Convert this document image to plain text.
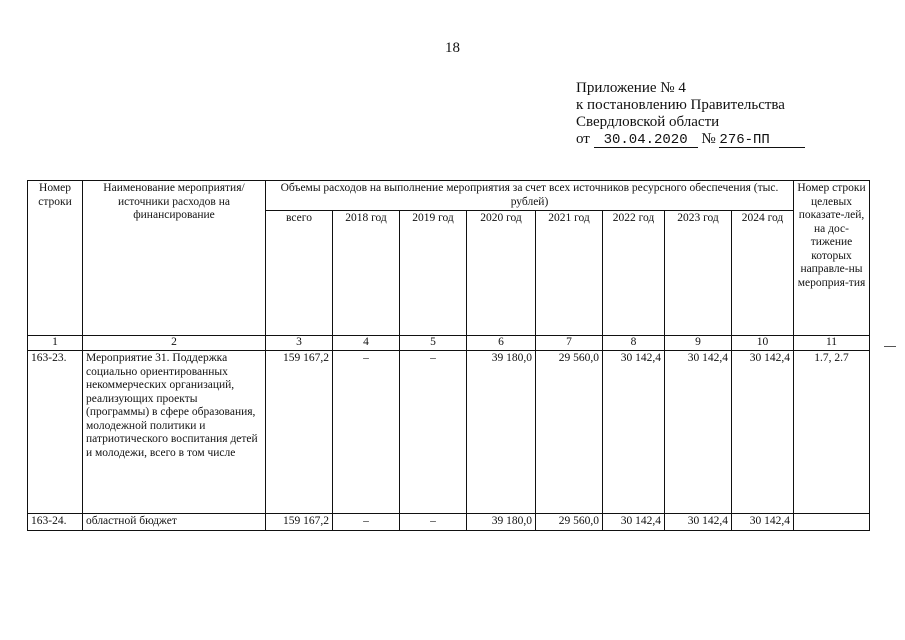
18
Приложение № 4
к постановлению Правительства
Свердловской области
от 30.04.2020 № 276-ПП
Номер строки	Наименование мероприятия/источники расходов на финансирование	Объемы расходов на выполнение мероприятия за счет всех источников ресурсного обеспечения (тыс. рублей)								Номер строки целевых показате-лей, на дос-тижение которых направле-ны мероприя-тия
		всего	2018 год	2019 год	2020 год	2021 год	2022 год	2023 год	2024 год	
1	2	3	4	5	6	7	8	9	10	11
163-23.	Мероприятие 31. Поддержка социально ориентированных некоммерческих организаций, реализующих проекты (программы) в сфере образования, молодежной политики и патриотического воспитания детей и молодежи, всего в том числе	159 167,2	–	–	39 180,0	29 560,0	30 142,4	30 142,4	30 142,4	1.7, 2.7
163-24.	областной бюджет	159 167,2	–	–	39 180,0	29 560,0	30 142,4	30 142,4	30 142,4	
